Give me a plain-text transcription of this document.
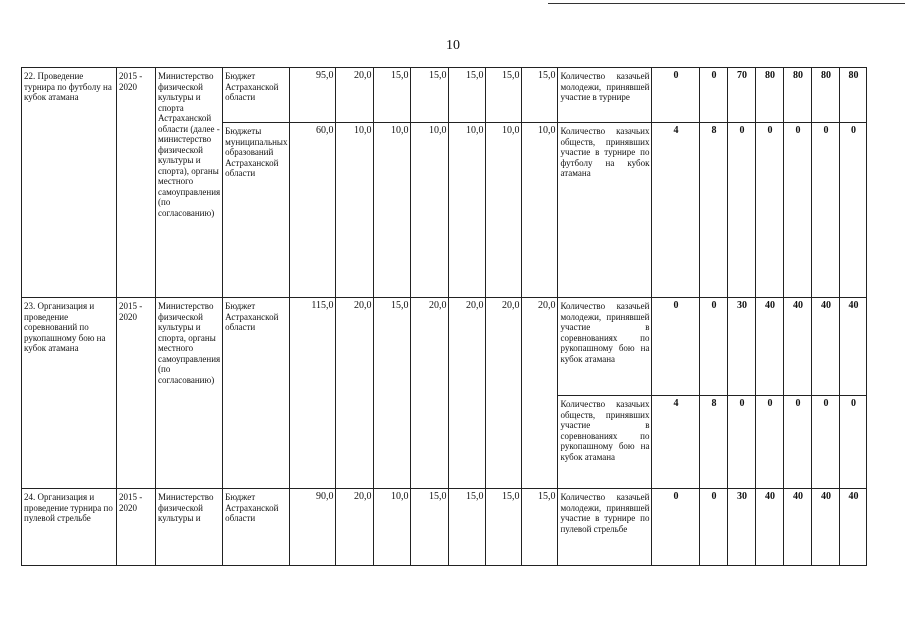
10
22. Проведение турнира по футболу на кубок атамана	2015 - 2020	Министерство физической культуры и спорта Астраханской области (далее - министерство физической культуры и спорта), органы местного самоуправления (по согласованию)	Бюджет Астраханской области	95,0	20,0	15,0	15,0	15,0	15,0	15,0	Количество казачьей молодежи, принявшей участие в турнире	0	0	70	80	80	80	80
			Бюджеты муниципальных образований Астраханской области	60,0	10,0	10,0	10,0	10,0	10,0	10,0	Количество казачьих обществ, принявших участие в турнире по футболу на кубок атамана	4	8	0	0	0	0	0
23. Организация и проведение соревнований по рукопашному бою на кубок атамана	2015 - 2020	Министерство физической культуры и спорта, органы местного самоуправления (по согласованию)	Бюджет Астраханской области	115,0	20,0	15,0	20,0	20,0	20,0	20,0	Количество казачьей молодежи, принявшей участие в соревнованиях по рукопашному бою на кубок атамана	0	0	30	40	40	40	40
											Количество казачьих обществ, принявших участие в соревнованиях по рукопашному бою на кубок атамана	4	8	0	0	0	0	0
24. Организация и проведение турнира по пулевой стрельбе	2015 - 2020	Министерство физической культуры и	Бюджет Астраханской области	90,0	20,0	10,0	15,0	15,0	15,0	15,0	Количество казачьей молодежи, принявшей участие в турнире по пулевой стрельбе	0	0	30	40	40	40	40
